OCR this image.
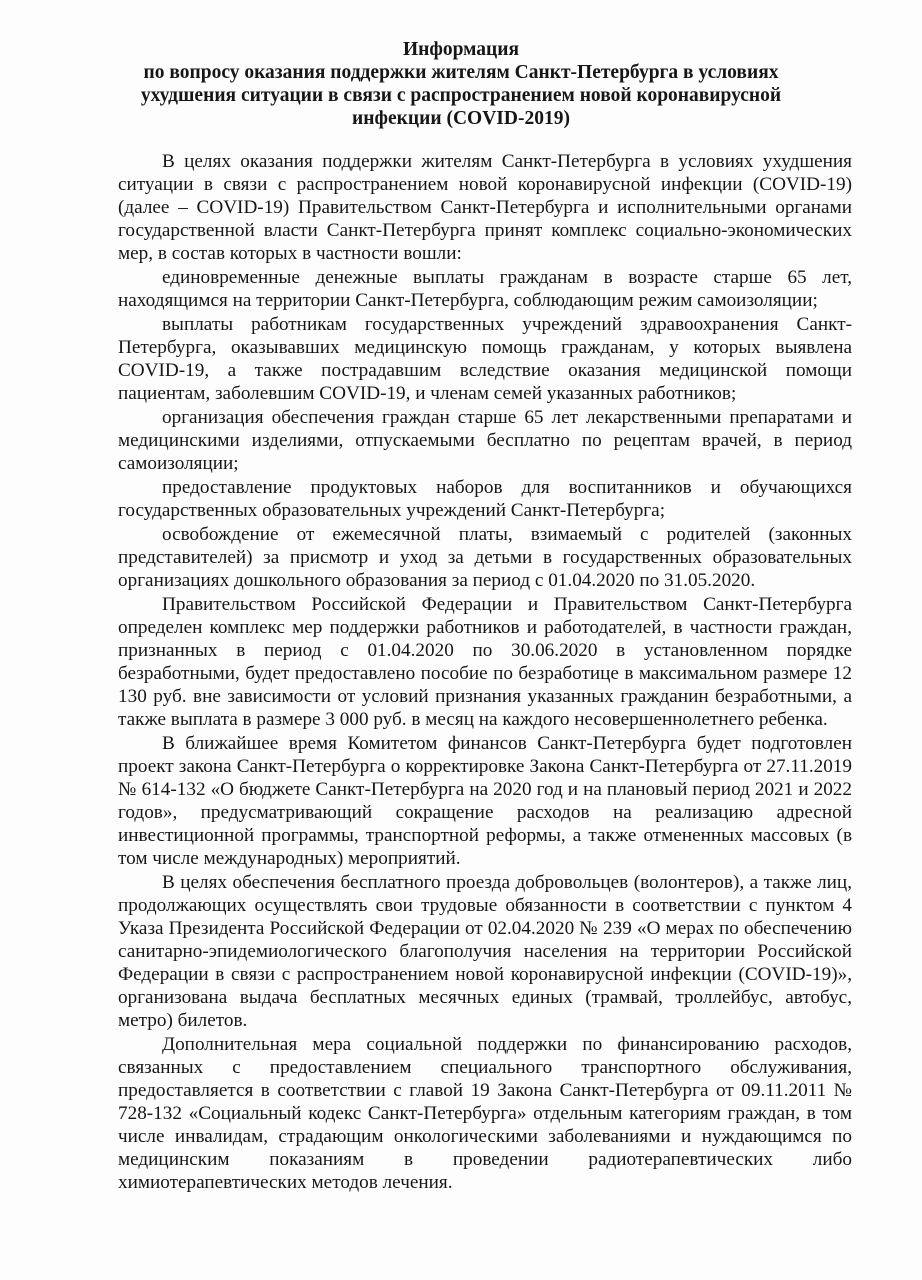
Информация
по вопросу оказания поддержки жителям Санкт-Петербурга в условиях
ухудшения ситуации в связи с распространением новой коронавирусной
инфекции (COVID-2019)

В целях оказания поддержки жителям Санкт-Петербурга в условиях ухудшения ситуации в связи с распространением новой коронавирусной инфекции (COVID-19) (далее – COVID-19) Правительством Санкт-Петербурга и исполнительными органами государственной власти Санкт-Петербурга принят комплекс социально-экономических мер, в состав которых в частности вошли:

единовременные денежные выплаты гражданам в возрасте старше 65 лет, находящимся на территории Санкт-Петербурга, соблюдающим режим самоизоляции;

выплаты работникам государственных учреждений здравоохранения Санкт-Петербурга, оказывавших медицинскую помощь гражданам, у которых выявлена COVID-19, а также пострадавшим вследствие оказания медицинской помощи пациентам, заболевшим COVID-19, и членам семей указанных работников;

организация обеспечения граждан старше 65 лет лекарственными препаратами и медицинскими изделиями, отпускаемыми бесплатно по рецептам врачей, в период самоизоляции;

предоставление продуктовых наборов для воспитанников и обучающихся государственных образовательных учреждений Санкт-Петербурга;

освобождение от ежемесячной платы, взимаемый с родителей (законных представителей) за присмотр и уход за детьми в государственных образовательных организациях дошкольного образования за период с 01.04.2020 по 31.05.2020.

Правительством Российской Федерации и Правительством Санкт-Петербурга определен комплекс мер поддержки работников и работодателей, в частности граждан, признанных в период с 01.04.2020 по 30.06.2020 в установленном порядке безработными, будет предоставлено пособие по безработице в максимальном размере 12 130 руб. вне зависимости от условий признания указанных гражданин безработными, а также выплата в размере 3 000 руб. в месяц на каждого несовершеннолетнего ребенка.

В ближайшее время Комитетом финансов Санкт-Петербурга будет подготовлен проект закона Санкт-Петербурга о корректировке Закона Санкт-Петербурга от 27.11.2019 № 614-132 «О бюджете Санкт-Петербурга на 2020 год и на плановый период 2021 и 2022 годов», предусматривающий сокращение расходов на реализацию адресной инвестиционной программы, транспортной реформы, а также отмененных массовых (в том числе международных) мероприятий.

В целях обеспечения бесплатного проезда добровольцев (волонтеров), а также лиц, продолжающих осуществлять свои трудовые обязанности в соответствии с пунктом 4 Указа Президента Российской Федерации от 02.04.2020 № 239 «О мерах по обеспечению санитарно-эпидемиологического благополучия населения на территории Российской Федерации в связи с распространением новой коронавирусной инфекции (COVID-19)», организована выдача бесплатных месячных единых (трамвай, троллейбус, автобус, метро) билетов.

Дополнительная мера социальной поддержки по финансированию расходов, связанных с предоставлением специального транспортного обслуживания, предоставляется в соответствии с главой 19 Закона Санкт-Петербурга от 09.11.2011 № 728-132 «Социальный кодекс Санкт-Петербурга» отдельным категориям граждан, в том числе инвалидам, страдающим онкологическими заболеваниями и нуждающимся по медицинским показаниям в проведении радиотерапевтических либо химиотерапевтических методов лечения.
